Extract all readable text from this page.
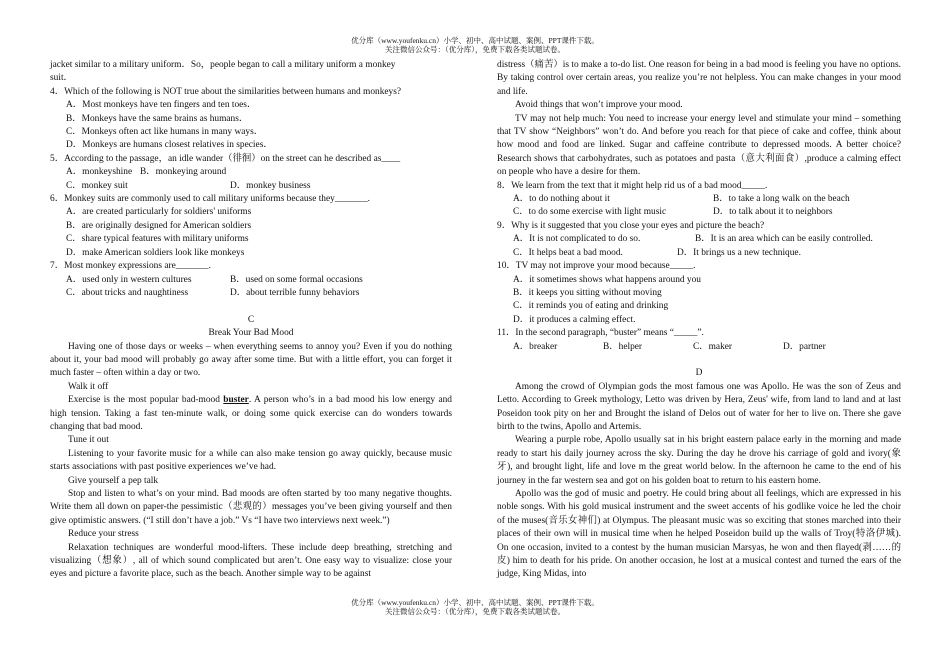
优分库（www.youfenku.cn）小学、初中、高中试题、案例、PPT课件下载。
关注微信公众号：（优分库），免费下载各类试题试卷。

jacket similar to a military uniform．So，people began to call a military uniform a monkey

suit．

4．Which of the following is NOT true about the similarities between humans and monkeys?

A．Most monkeys have ten fingers and ten toes．

B．Monkeys have the same brains as humans．

C．Monkeys often act like humans in many ways．

D．Monkeys are humans closest relatives in species．

5．According to the passage，an idle wander（徘徊）on the street can he described as____

A．monkeyshine B．monkeying around
C．monkey suit	D．monkey business

6．Monkey suits are commonly used to call military uniforms because they_______.

A．are created particularly for soldiers' uniforms

B．are originally designed for American soldiers

C．share typical features with military uniforms

D．make American soldiers look like monkeys

7．Most monkey expressions are_______.

A．used only in western cultures	B．used on some formal occasions
C．about tricks and naughtiness	D．about terrible funny behaviors

C

Break Your Bad Mood

Having one of those days or weeks – when everything seems to annoy you? Even if you do nothing about it, your bad mood will probably go away after some time. But with a little effort, you can forget it much faster – often within a day or two.

Walk it off

Exercise is the most popular bad-mood buster. A person who’s in a bad mood his low energy and high tension. Taking a fast ten-minute walk, or doing some quick exercise can do wonders towards changing that bad mood.

Tune it out

Listening to your favorite music for a while can also make tension go away quickly, because music starts associations with past positive experiences we’ve had.

Give yourself a pep talk

Stop and listen to what’s on your mind. Bad moods are often started by too many negative thoughts. Write them all down on paper-the pessimistic（悲观的）messages you’ve been giving yourself and then give optimistic answers. (“I still don’t have a job.” Vs “I have two interviews next week.”)

Reduce your stress

Relaxation techniques are wonderful mood-lifters. These include deep breathing, stretching and visualizing（想象）, all of which sound complicated but aren’t. One easy way to visualize: close your eyes and picture a favorite place, such as the beach. Another simple way to be against

distress（痛苦）is to make a to-do list. One reason for being in a bad mood is feeling you have no options. By taking control over certain areas, you realize you’re not helpless. You can make changes in your mood and life.

Avoid things that won’t improve your mood.

TV may not help much: You need to increase your energy level and stimulate your mind – something that TV show “Neighbors” won’t do. And before you reach for that piece of cake and coffee, think about how mood and food are linked. Sugar and caffeine contribute to depressed moods. A better choice? Research shows that carbohydrates, such as potatoes and pasta（意大利面食）,produce a calming effect on people who have a desire for them.

8．We learn from the text that it might help rid us of a bad mood_____.

A．to do nothing about it	B．to take a long walk on the beach
C．to do some exercise with light music	D．to talk about it to neighbors

9．Why is it suggested that you close your eyes and picture the beach?

A．It is not complicated to do so.	B．It is an area which can be easily controlled.
C．It helps beat a bad mood.	D．It brings us a new technique.

10．TV may not improve your mood because_____.

A．it sometimes shows what happens around you

B．it keeps you sitting without moving

C．it reminds you of eating and drinking

D．it produces a calming effect.

11．In the second paragraph, “buster” means “_____”.

A．breaker	B．helper	C．maker	D．partner

D

Among the crowd of Olympian gods the most famous one was Apollo. He was the son of Zeus and Letto. According to Greek mythology, Letto was driven by Hera, Zeus' wife, from land to land and at last Poseidon took pity on her and Brought the island of Delos out of water for her to live on. There she gave birth to the twins, Apollo and Artemis.

Wearing a purple robe, Apollo usually sat in his bright eastern palace early in the morning and made ready to start his daily journey across the sky. During the day he drove his carriage of gold and ivory(象牙), and brought light, life and love m the great world below. In the afternoon he came to the end of his journey in the far western sea and got on his golden boat to return to his eastern home.

Apollo was the god of music and poetry. He could bring about all feelings, which are expressed in his noble songs. With his gold musical instrument and the sweet accents of his godlike voice he led the choir of the muses(音乐女神们) at Olympus. The pleasant music was so exciting that stones marched into their places of their own will in musical time when he helped Poseidon build up the walls of Troy(特洛伊城). On one occasion, invited to a contest by the human musician Marsyas, he won and then flayed(剥……的皮) him to death for his pride. On another occasion, he lost at a musical contest and turned the ears of the judge, King Midas, into

优分库（www.youfenku.cn）小学、初中、高中试题、案例、PPT课件下载。
关注微信公众号：（优分库），免费下载各类试题试卷。
